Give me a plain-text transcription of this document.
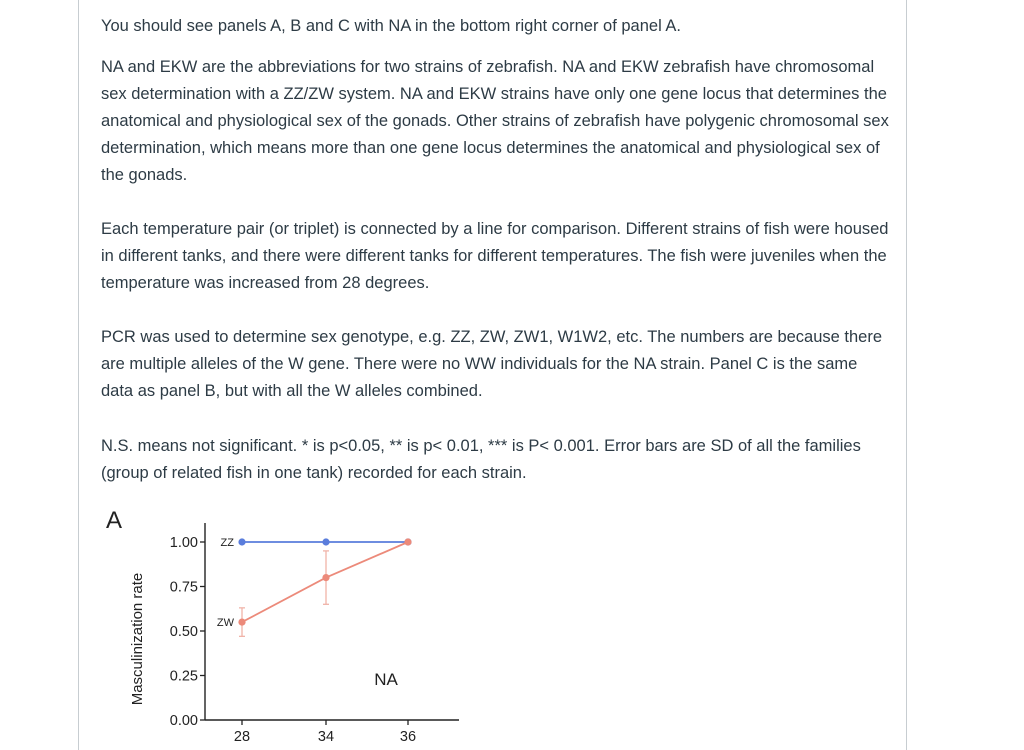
You should see panels A, B and C with NA in the bottom right corner of panel A.

NA and EKW are the abbreviations for two strains of zebrafish. NA and EKW zebrafish have chromosomal sex determination with a ZZ/ZW system. NA and EKW strains have only one gene locus that determines the anatomical and physiological sex of the gonads. Other strains of zebrafish have polygenic chromosomal sex determination, which means more than one gene locus determines the anatomical and physiological sex of the gonads.

Each temperature pair (or triplet) is connected by a line for comparison. Different strains of fish were housed in different tanks, and there were different tanks for different temperatures. The fish were juveniles when the temperature was increased from 28 degrees.

PCR was used to determine sex genotype, e.g. ZZ, ZW, ZW1, W1W2, etc. The numbers are because there are multiple alleles of the W gene. There were no WW individuals for the NA strain. Panel C is the same data as panel B, but with all the W alleles combined.

N.S. means not significant. * is p<0.05, ** is p< 0.01, *** is P< 0.001. Error bars are SD of all the families (group of related fish in one tank) recorded for each strain.

A
0.00
0.25
0.50
0.75
1.00
28	34	36
Masculinization rate
ZZ
ZW
NA
